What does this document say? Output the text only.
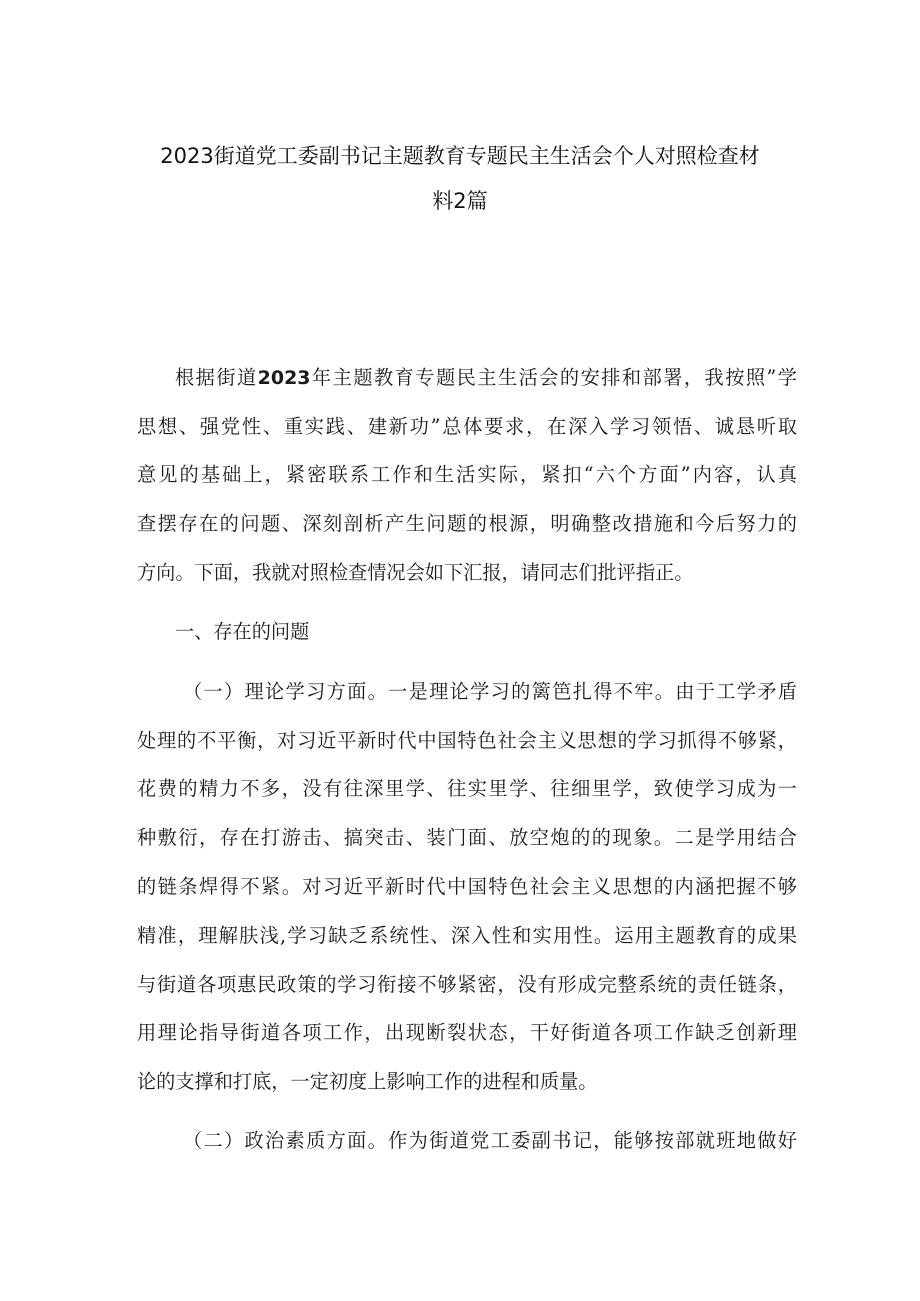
2023街道党工委副书记主题教育专题民主生活会个人对照检查材
料2篇
根据街道2023年主题教育专题民主生活会的安排和部署，我按照”学
思想、强党性、重实践、建新功”总体要求，在深入学习领悟、诚恳听取
意见的基础上，紧密联系工作和生活实际，紧扣“六个方面”内容，认真
查摆存在的问题、深刻剖析产生问题的根源，明确整改措施和今后努力的
方向。下面，我就对照检查情况会如下汇报，请同志们批评指正。
一、存在的问题
（一）理论学习方面。一是理论学习的篱笆扎得不牢。由于工学矛盾
处理的不平衡，对习近平新时代中国特色社会主义思想的学习抓得不够紧，
花费的精力不多，没有往深里学、往实里学、往细里学，致使学习成为一
种敷衍，存在打游击、搞突击、装门面、放空炮的的现象。二是学用结合
的链条焊得不紧。对习近平新时代中国特色社会主义思想的内涵把握不够
精准，理解肤浅,学习缺乏系统性、深入性和实用性。运用主题教育的成果
与街道各项惠民政策的学习衔接不够紧密，没有形成完整系统的责任链条，
用理论指导街道各项工作，出现断裂状态，干好街道各项工作缺乏创新理
论的支撑和打底，一定初度上影响工作的进程和质量。
（二）政治素质方面。作为街道党工委副书记，能够按部就班地做好
